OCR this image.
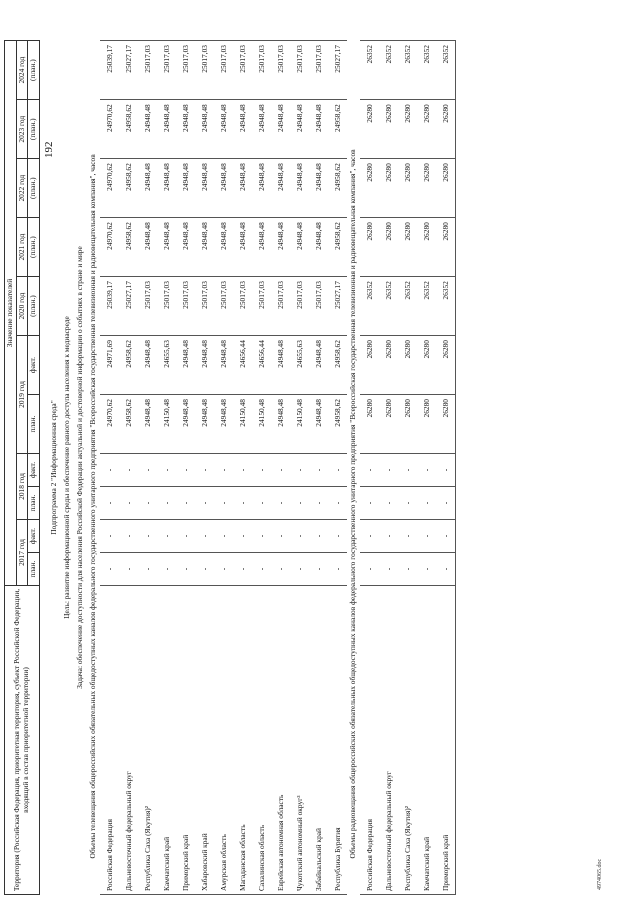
192
4974065.doc
Территория (Российская Федерация, приоритетная территория, субъект Российской Федерации, входящий в состав приоритетной территории)	Значение показателей										
	2017 год		2018 год		2019 год		2020 год	2021 год	2022 год	2023 год	2024 год
	план.	факт.	план.	факт.	план.	факт.	(план.)	(план.)	(план.)	(план.)	(план.)
Подпрограмма 2 "Информационная среда"											
Цель: развитие информационной среды и обеспечение равного доступа населения к медиасреде											
Задача: обеспечение доступности для населения Российской Федерации актуальной и достоверной информации о событиях в стране и мире											
Объемы телевещания общероссийских обязательных общедоступных каналов федерального государственного унитарного предприятия "Всероссийская государственная телевизионная и радиовещательная компания", часов											
Российская Федерация	-	-	-	-	24970,62	24971,69	25039,17	24970,62	24970,62	24970,62	25039,17
Дальневосточный федеральный округ	-	-	-	-	24958,62	24958,62	25027,17	24958,62	24958,62	24958,62	25027,17
Республика Саха (Якутия)²	-	-	-	-	24948,48	24948,48	25017,03	24948,48	24948,48	24948,48	25017,03
Камчатский край	-	-	-	-	24150,48	24655,63	25017,03	24948,48	24948,48	24948,48	25017,03
Приморский край	-	-	-	-	24948,48	24948,48	25017,03	24948,48	24948,48	24948,48	25017,03
Хабаровский край	-	-	-	-	24948,48	24948,48	25017,03	24948,48	24948,48	24948,48	25017,03
Амурская область	-	-	-	-	24948,48	24948,48	25017,03	24948,48	24948,48	24948,48	25017,03
Магаданская область	-	-	-	-	24150,48	24656,44	25017,03	24948,48	24948,48	24948,48	25017,03
Сахалинская область	-	-	-	-	24150,48	24656,44	25017,03	24948,48	24948,48	24948,48	25017,03
Еврейская автономная область	-	-	-	-	24948,48	24948,48	25017,03	24948,48	24948,48	24948,48	25017,03
Чукотский автономный округ³	-	-	-	-	24150,48	24655,63	25017,03	24948,48	24948,48	24948,48	25017,03
Забайкальский край	-	-	-	-	24948,48	24948,48	25017,03	24948,48	24948,48	24948,48	25017,03
Республика Бурятия	-	-	-	-	24958,62	24958,62	25027,17	24958,62	24958,62	24958,62	25027,17
Объемы радиовещания общероссийских обязательных общедоступных каналов федерального государственного унитарного предприятия "Всероссийская государственная телевизионная и радиовещательная компания", часов											
Российская Федерация	-	-	-	-	26280	26280	26352	26280	26280	26280	26352
Дальневосточный федеральный округ	-	-	-	-	26280	26280	26352	26280	26280	26280	26352
Республика Саха (Якутия)²	-	-	-	-	26280	26280	26352	26280	26280	26280	26352
Камчатский край	-	-	-	-	26280	26280	26352	26280	26280	26280	26352
Приморский край	-	-	-	-	26280	26280	26352	26280	26280	26280	26352
